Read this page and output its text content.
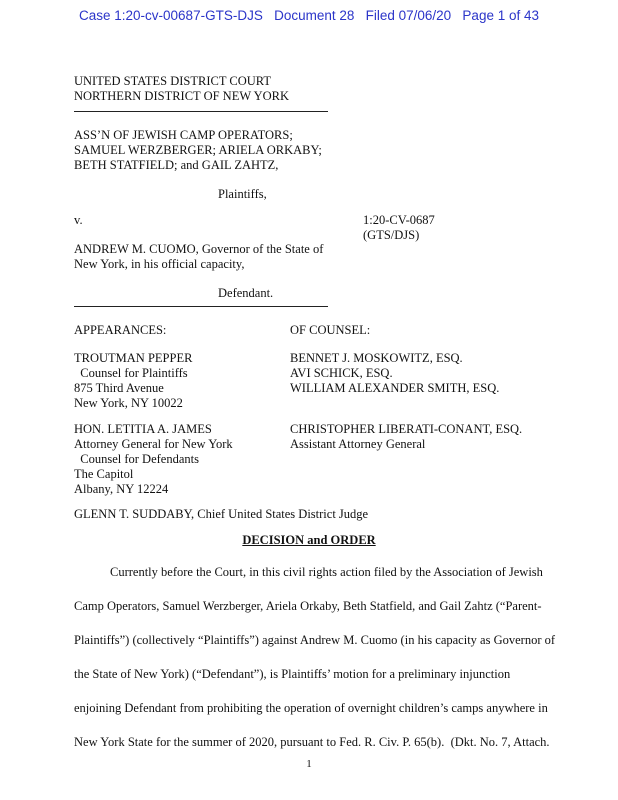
Case 1:20-cv-00687-GTS-DJS   Document 28   Filed 07/06/20   Page 1 of 43
UNITED STATES DISTRICT COURT
NORTHERN DISTRICT OF NEW YORK
ASS’N OF JEWISH CAMP OPERATORS;
SAMUEL WERZBERGER; ARIELA ORKABY;
BETH STATFIELD; and GAIL ZAHTZ,
Plaintiffs,
v.	1:20-CV-0687
(GTS/DJS)
ANDREW M. CUOMO, Governor of the State of
New York, in his official capacity,
Defendant.
APPEARANCES:	OF COUNSEL:
TROUTMAN PEPPER
Counsel for Plaintiffs
875 Third Avenue
New York, NY 10022
BENNET J. MOSKOWITZ, ESQ.
AVI SCHICK, ESQ.
WILLIAM ALEXANDER SMITH, ESQ.
HON. LETITIA A. JAMES
Attorney General for New York
Counsel for Defendants
The Capitol
Albany, NY 12224
CHRISTOPHER LIBERATI-CONANT, ESQ.
Assistant Attorney General
GLENN T. SUDDABY, Chief United States District Judge
DECISION and ORDER
Currently before the Court, in this civil rights action filed by the Association of Jewish
Camp Operators, Samuel Werzberger, Ariela Orkaby, Beth Statfield, and Gail Zahtz (“Parent-
Plaintiffs”) (collectively “Plaintiffs”) against Andrew M. Cuomo (in his capacity as Governor of
the State of New York) (“Defendant”), is Plaintiffs’ motion for a preliminary injunction
enjoining Defendant from prohibiting the operation of overnight children’s camps anywhere in
New York State for the summer of 2020, pursuant to Fed. R. Civ. P. 65(b).  (Dkt. No. 7, Attach.
1
